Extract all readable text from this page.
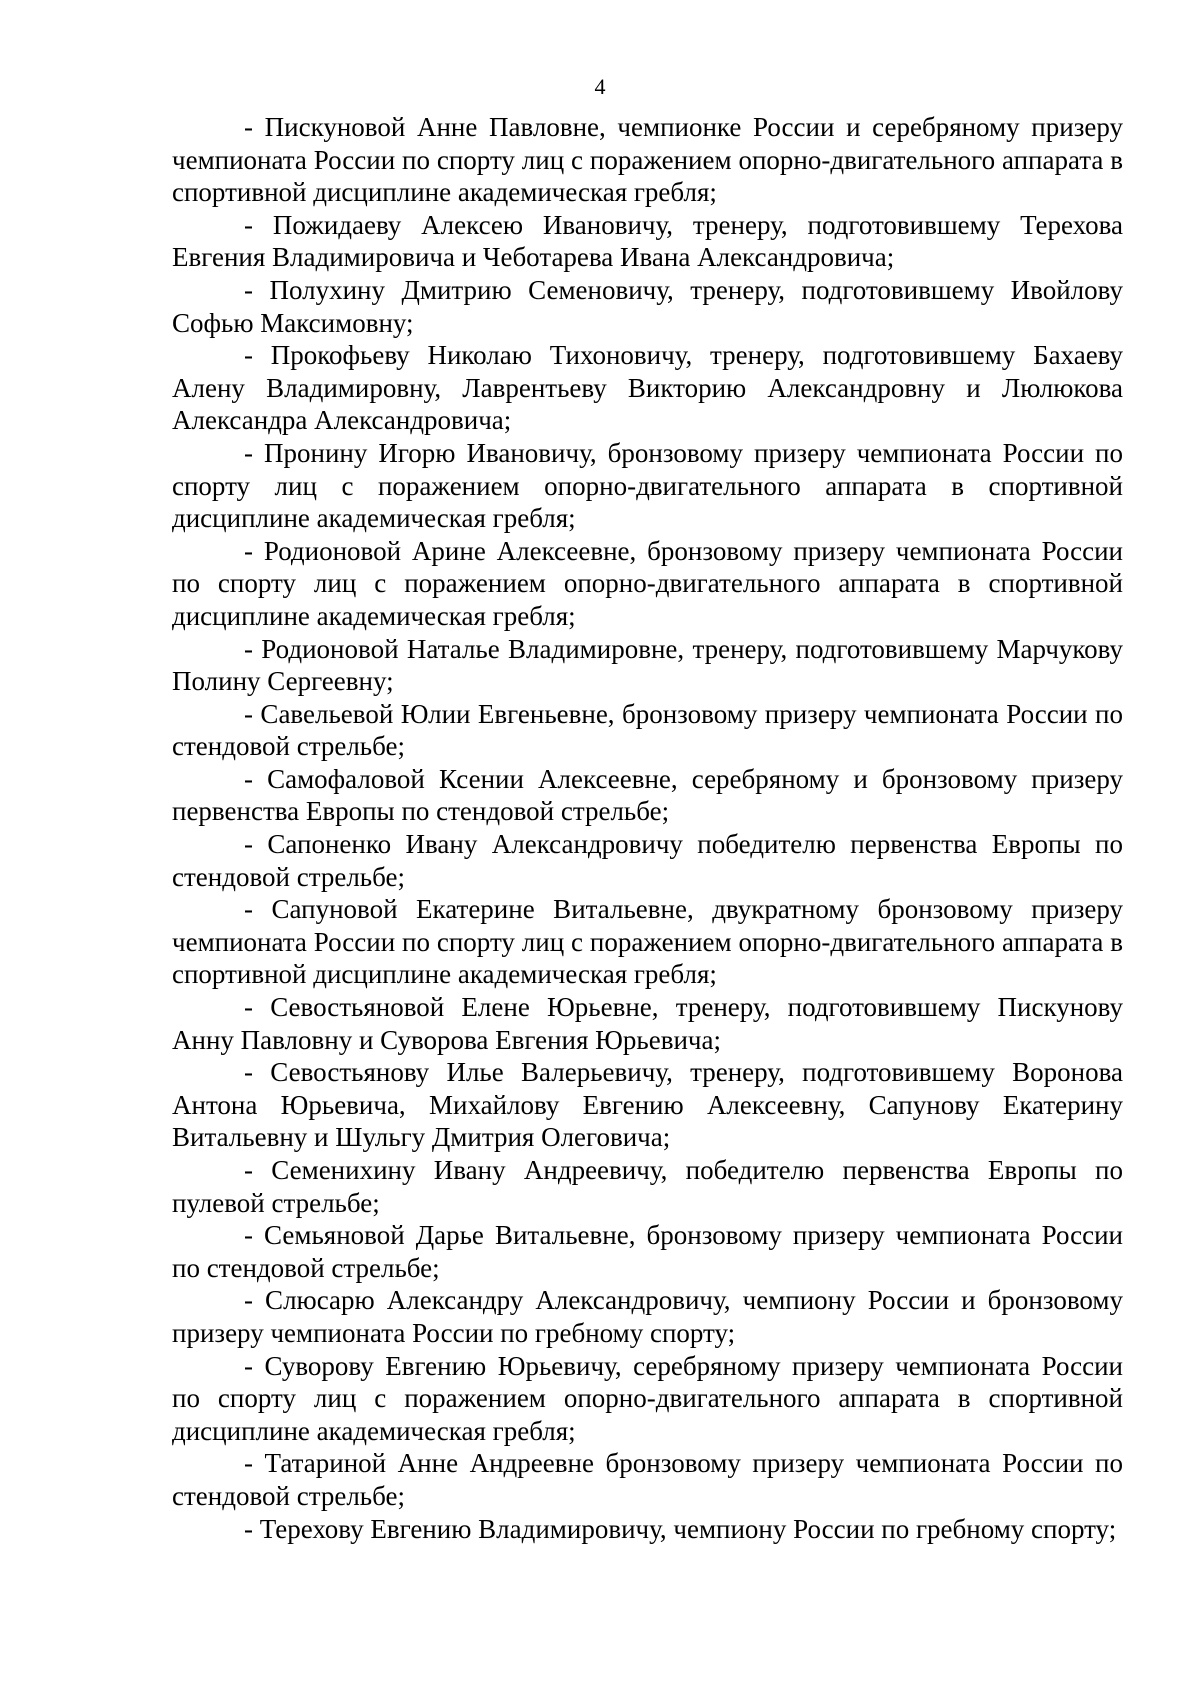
4

- Пискуновой Анне Павловне, чемпионке России и серебряному призеру чемпионата России по спорту лиц с поражением опорно-двигательного аппарата в спортивной дисциплине академическая гребля;

- Пожидаеву Алексею Ивановичу, тренеру, подготовившему Терехова Евгения Владимировича и Чеботарева Ивана Александровича;

- Полухину Дмитрию Семеновичу, тренеру, подготовившему Ивойлову Софью Максимовну;

- Прокофьеву Николаю Тихоновичу, тренеру, подготовившему Бахаеву Алену Владимировну, Лаврентьеву Викторию Александровну и Люлюкова Александра Александровича;

- Пронину Игорю Ивановичу, бронзовому призеру чемпионата России по спорту лиц с поражением опорно-двигательного аппарата в спортивной дисциплине академическая гребля;

- Родионовой Арине Алексеевне, бронзовому призеру чемпионата России по спорту лиц с поражением опорно-двигательного аппарата в спортивной дисциплине академическая гребля;

- Родионовой Наталье Владимировне, тренеру, подготовившему Марчукову Полину Сергеевну;

- Савельевой Юлии Евгеньевне, бронзовому призеру чемпионата России по стендовой стрельбе;

- Самофаловой Ксении Алексеевне, серебряному и бронзовому призеру первенства Европы по стендовой стрельбе;

- Сапоненко Ивану Александровичу победителю первенства Европы по стендовой стрельбе;

- Сапуновой Екатерине Витальевне, двукратному бронзовому призеру чемпионата России по спорту лиц с поражением опорно-двигательного аппарата в спортивной дисциплине академическая гребля;

- Севостьяновой Елене Юрьевне, тренеру, подготовившему Пискунову Анну Павловну и Суворова Евгения Юрьевича;

- Севостьянову Илье Валерьевичу, тренеру, подготовившему Воронова Антона Юрьевича, Михайлову Евгению Алексеевну, Сапунову Екатерину Витальевну и Шульгу Дмитрия Олеговича;

- Семенихину Ивану Андреевичу, победителю первенства Европы по пулевой стрельбе;

- Семьяновой Дарье Витальевне, бронзовому призеру чемпионата России по стендовой стрельбе;

- Слюсарю Александру Александровичу, чемпиону России и бронзовому призеру чемпионата России по гребному спорту;

- Суворову Евгению Юрьевичу, серебряному призеру чемпионата России по спорту лиц с поражением опорно-двигательного аппарата в спортивной дисциплине академическая гребля;

- Татариной Анне Андреевне бронзовому призеру чемпионата России по стендовой стрельбе;

- Терехову Евгению Владимировичу, чемпиону России по гребному спорту;
